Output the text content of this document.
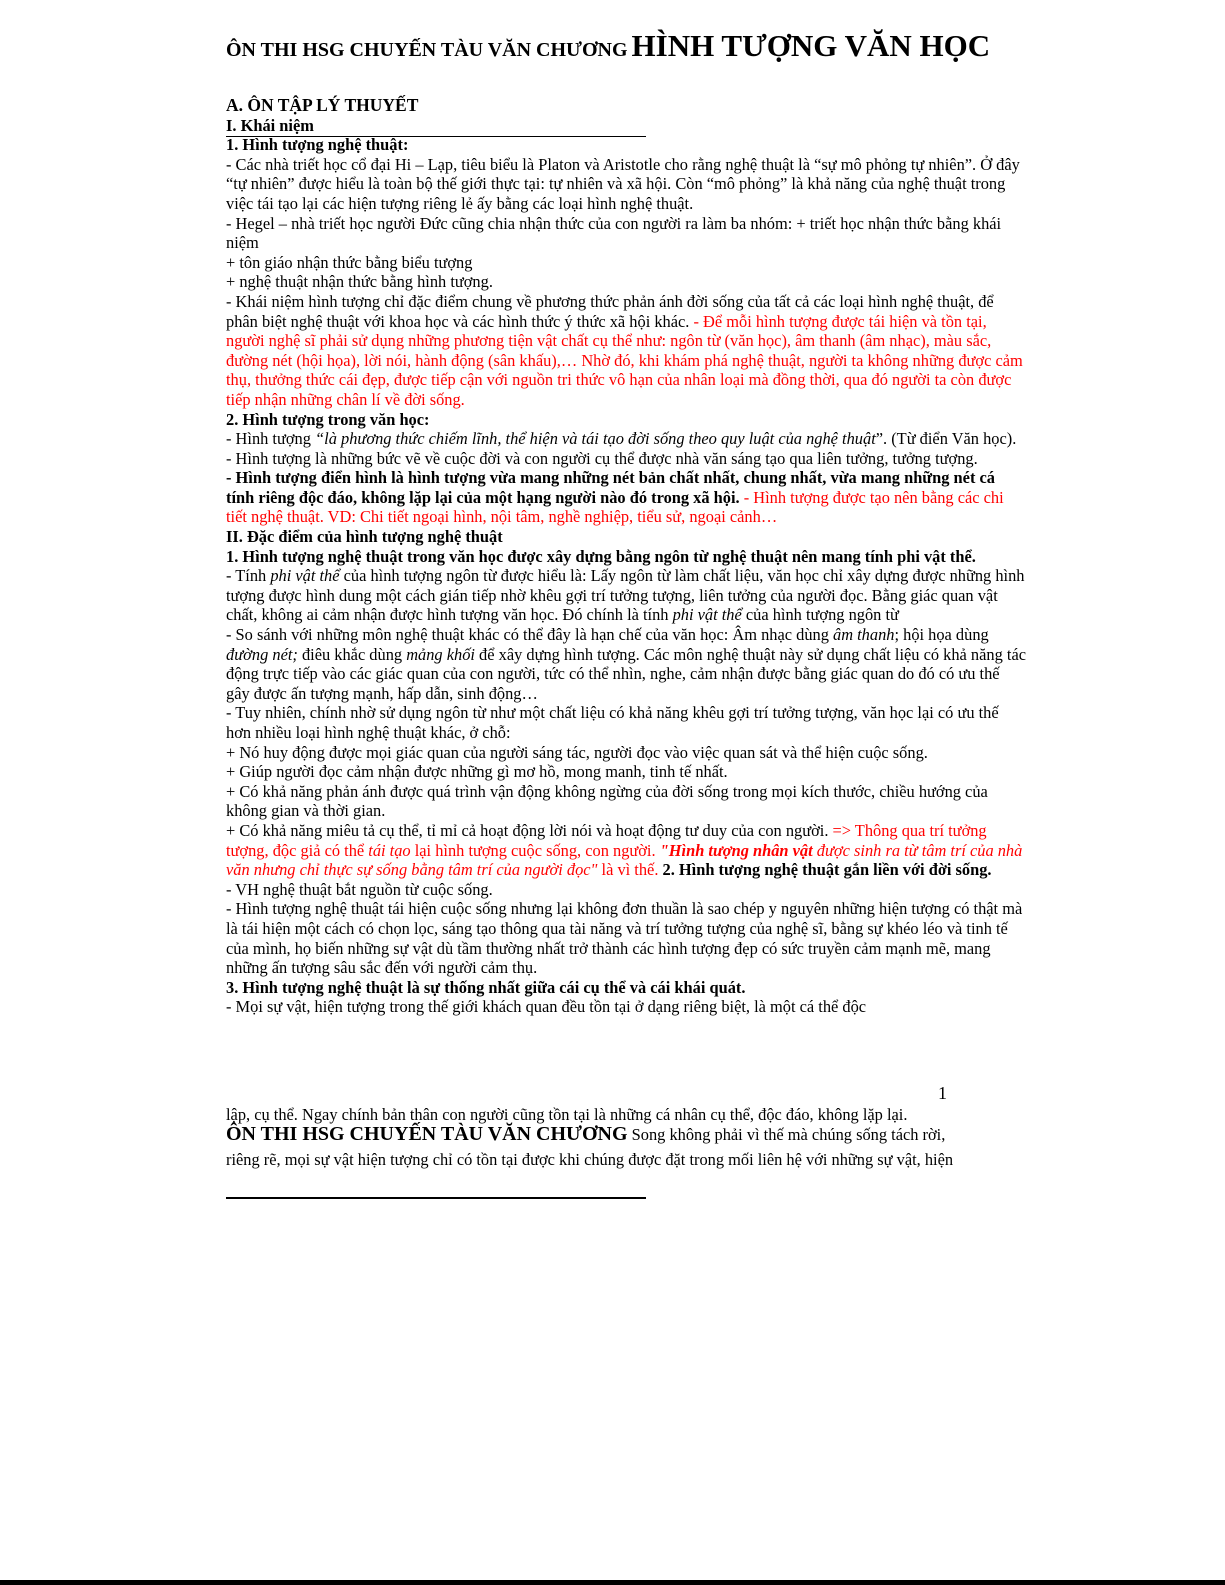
ÔN THI HSG CHUYẾN TÀU VĂN CHƯƠNG HÌNH TƯỢNG VĂN HỌC

A. ÔN TẬP LÝ THUYẾT

I. Khái niệm

1. Hình tượng nghệ thuật:

- Các nhà triết học cổ đại Hi – Lạp, tiêu biểu là Platon và Aristotle cho rằng nghệ thuật là “sự mô phỏng tự nhiên”. Ở đây “tự nhiên” được hiểu là toàn bộ thế giới thực tại: tự nhiên và xã hội. Còn “mô phỏng” là khả năng của nghệ thuật trong việc tái tạo lại các hiện tượng riêng lẻ ấy bằng các loại hình nghệ thuật.

- Hegel – nhà triết học người Đức cũng chia nhận thức của con người ra làm ba nhóm: + triết học nhận thức bằng khái niệm

+ tôn giáo nhận thức bằng biểu tượng

+ nghệ thuật nhận thức bằng hình tượng.

- Khái niệm hình tượng chỉ đặc điểm chung về phương thức phản ánh đời sống của tất cả các loại hình nghệ thuật, để phân biệt nghệ thuật với khoa học và các hình thức ý thức xã hội khác. - Để mỗi hình tượng được tái hiện và tồn tại, người nghệ sĩ phải sử dụng những phương tiện vật chất cụ thể như: ngôn từ (văn học), âm thanh (âm nhạc), màu sắc, đường nét (hội họa), lời nói, hành động (sân khấu),… Nhờ đó, khi khám phá nghệ thuật, người ta không những được cảm thụ, thưởng thức cái đẹp, được tiếp cận với nguồn tri thức vô hạn của nhân loại mà đồng thời, qua đó người ta còn được tiếp nhận những chân lí về đời sống.

2. Hình tượng trong văn học:

- Hình tượng “là phương thức chiếm lĩnh, thể hiện và tái tạo đời sống theo quy luật của nghệ thuật”. (Từ điển Văn học).

- Hình tượng là những bức vẽ về cuộc đời và con người cụ thể được nhà văn sáng tạo qua liên tưởng, tưởng tượng.

- Hình tượng điển hình là hình tượng vừa mang những nét bản chất nhất, chung nhất, vừa mang những nét cá tính riêng độc đáo, không lặp lại của một hạng người nào đó trong xã hội. - Hình tượng được tạo nên bằng các chi tiết nghệ thuật. VD: Chi tiết ngoại hình, nội tâm, nghề nghiệp, tiểu sử, ngoại cảnh…

II. Đặc điểm của hình tượng nghệ thuật

1. Hình tượng nghệ thuật trong văn học được xây dựng bằng ngôn từ nghệ thuật nên mang tính phi vật thể.

- Tính phi vật thể của hình tượng ngôn từ được hiểu là: Lấy ngôn từ làm chất liệu, văn học chỉ xây dựng được những hình tượng được hình dung một cách gián tiếp nhờ khêu gợi trí tưởng tượng, liên tưởng của người đọc. Bằng giác quan vật chất, không ai cảm nhận được hình tượng văn học. Đó chính là tính phi vật thể của hình tượng ngôn từ

- So sánh với những môn nghệ thuật khác có thể đây là hạn chế của văn học: Âm nhạc dùng âm thanh; hội họa dùng đường nét; điêu khắc dùng mảng khối để xây dựng hình tượng. Các môn nghệ thuật này sử dụng chất liệu có khả năng tác động trực tiếp vào các giác quan của con người, tức có thể nhìn, nghe, cảm nhận được bằng giác quan do đó có ưu thế gây được ấn tượng mạnh, hấp dẫn, sinh động…

- Tuy nhiên, chính nhờ sử dụng ngôn từ như một chất liệu có khả năng khêu gợi trí tưởng tượng, văn học lại có ưu thế hơn nhiều loại hình nghệ thuật khác, ở chỗ:

+ Nó huy động được mọi giác quan của người sáng tác, người đọc vào việc quan sát và thể hiện cuộc sống.

+ Giúp người đọc cảm nhận được những gì mơ hồ, mong manh, tinh tế nhất.

+ Có khả năng phản ánh được quá trình vận động không ngừng của đời sống trong mọi kích thước, chiều hướng của không gian và thời gian.

+ Có khả năng miêu tả cụ thể, tỉ mỉ cả hoạt động lời nói và hoạt động tư duy của con người. => Thông qua trí tưởng tượng, độc giả có thể tái tạo lại hình tượng cuộc sống, con người. "Hình tượng nhân vật được sinh ra từ tâm trí của nhà văn nhưng chỉ thực sự sống bằng tâm trí của người đọc" là vì thế. 2. Hình tượng nghệ thuật gắn liền với đời sống.

- VH nghệ thuật bắt nguồn từ cuộc sống.

- Hình tượng nghệ thuật tái hiện cuộc sống nhưng lại không đơn thuần là sao chép y nguyên những hiện tượng có thật mà là tái hiện một cách có chọn lọc, sáng tạo thông qua tài năng và trí tưởng tượng của nghệ sĩ, bằng sự khéo léo và tinh tế của mình, họ biến những sự vật dù tầm thường nhất trở thành các hình tượng đẹp có sức truyền cảm mạnh mẽ, mang những ấn tượng sâu sắc đến với người cảm thụ.

3. Hình tượng nghệ thuật là sự thống nhất giữa cái cụ thể và cái khái quát.

- Mọi sự vật, hiện tượng trong thế giới khách quan đều tồn tại ở dạng riêng biệt, là một cá thể độc

1

lập, cụ thể. Ngay chính bản thân con người cũng tồn tại là những cá nhân cụ thể, độc đáo, không lặp lại.

ÔN THI HSG CHUYẾN TÀU VĂN CHƯƠNG Song không phải vì thế mà chúng sống tách rời,

riêng rẽ, mọi sự vật hiện tượng chỉ có tồn tại được khi chúng được đặt trong mối liên hệ với những sự vật, hiện
